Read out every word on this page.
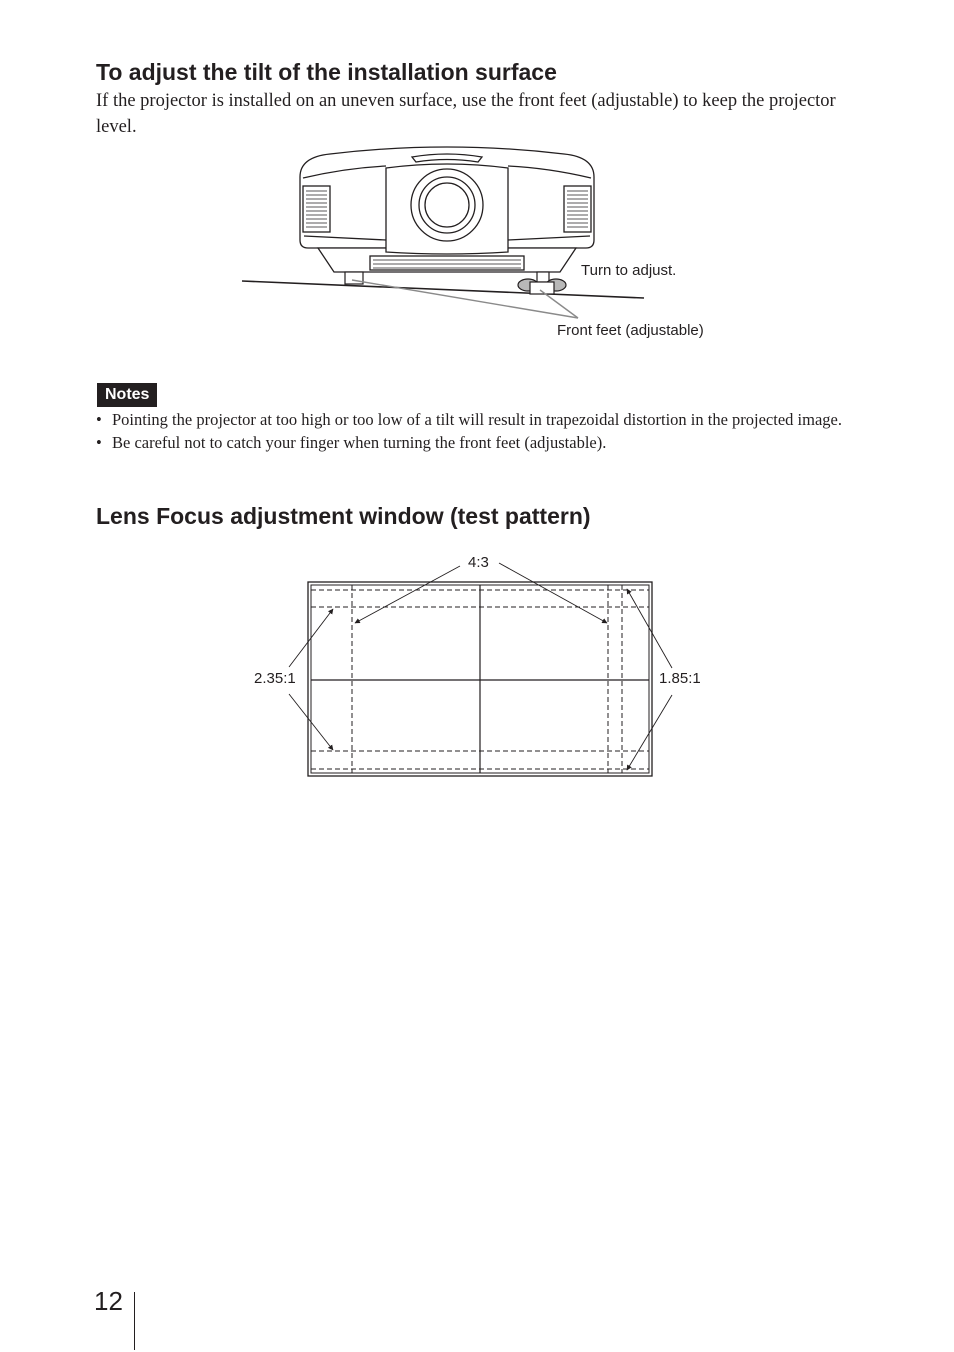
To adjust the tilt of the installation surface

If the projector is installed on an uneven surface, use the front feet (adjustable) to keep the projector level.

Turn to adjust.
Front feet (adjustable)
Notes
• Pointing the projector at too high or too low of a tilt will result in trapezoidal distortion in the projected image.
• Be careful not to catch your finger when turning the front feet (adjustable).
Lens Focus adjustment window (test pattern)
4:3
2.35:1	1.85:1
12
